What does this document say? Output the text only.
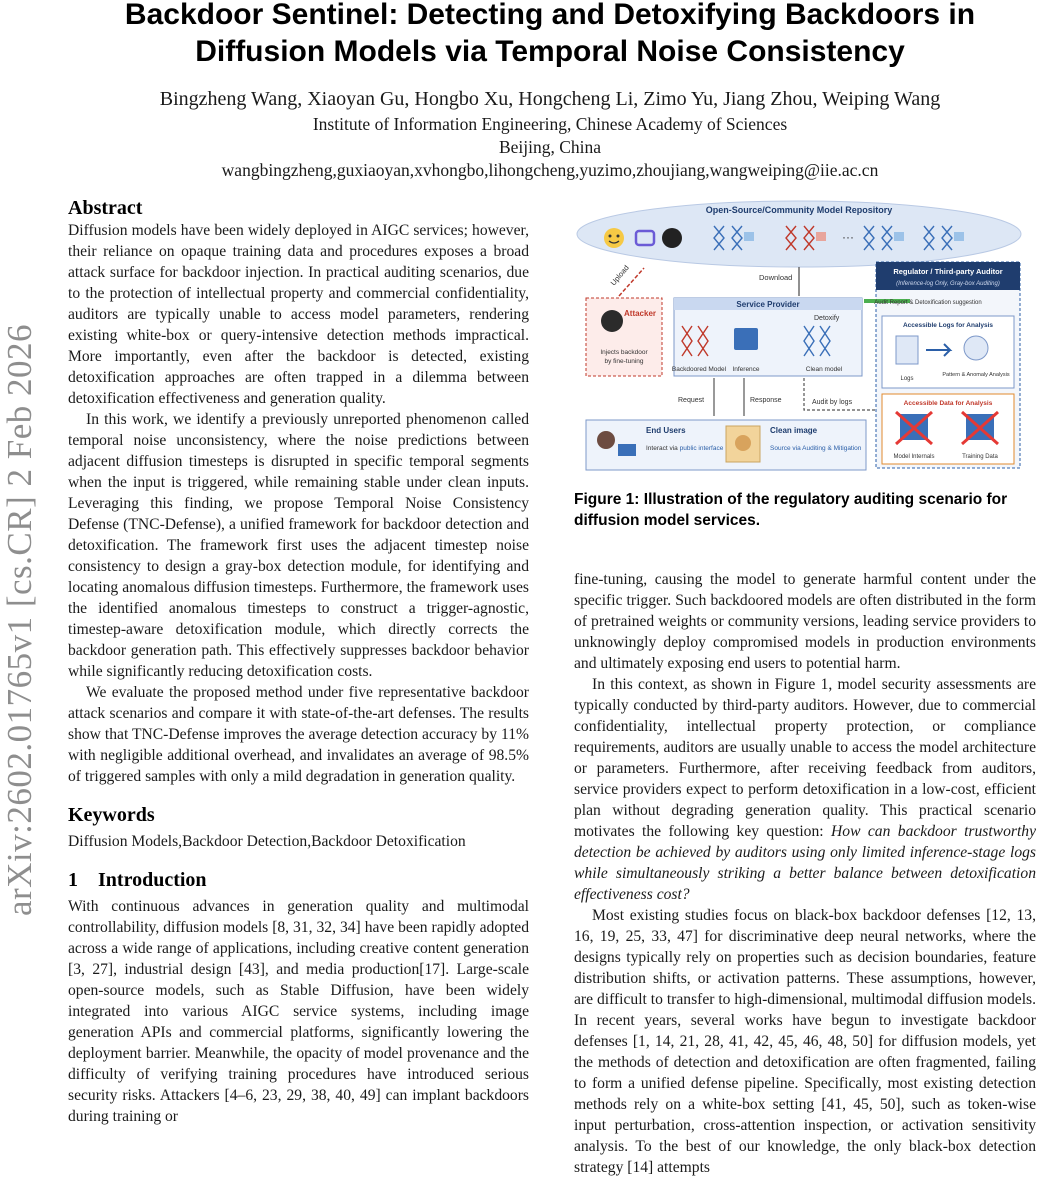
arXiv:2602.01765v1 [cs.CR] 2 Feb 2026
Backdoor Sentinel: Detecting and Detoxifying Backdoors in
Diffusion Models via Temporal Noise Consistency
Bingzheng Wang, Xiaoyan Gu, Hongbo Xu, Hongcheng Li, Zimo Yu, Jiang Zhou, Weiping Wang
Institute of Information Engineering, Chinese Academy of Sciences
Beijing, China
wangbingzheng,guxiaoyan,xvhongbo,lihongcheng,yuzimo,zhoujiang,wangweiping@iie.ac.cn
Abstract

Diffusion models have been widely deployed in AIGC services; however, their reliance on opaque training data and procedures exposes a broad attack surface for backdoor injection. In practical auditing scenarios, due to the protection of intellectual property and commercial confidentiality, auditors are typically unable to access model parameters, rendering existing white-box or query-intensive detection methods impractical. More importantly, even after the backdoor is detected, existing detoxification approaches are often trapped in a dilemma between detoxification effectiveness and generation quality.

In this work, we identify a previously unreported phenomenon called temporal noise unconsistency, where the noise predictions between adjacent diffusion timesteps is disrupted in specific temporal segments when the input is triggered, while remaining stable under clean inputs. Leveraging this finding, we propose Temporal Noise Consistency Defense (TNC-Defense), a unified framework for backdoor detection and detoxification. The framework first uses the adjacent timestep noise consistency to design a gray-box detection module, for identifying and locating anomalous diffusion timesteps. Furthermore, the framework uses the identified anomalous timesteps to construct a trigger-agnostic, timestep-aware detoxification module, which directly corrects the backdoor generation path. This effectively suppresses backdoor behavior while significantly reducing detoxification costs.

We evaluate the proposed method under five representative backdoor attack scenarios and compare it with state-of-the-art defenses. The results show that TNC-Defense improves the average detection accuracy by 11% with negligible additional overhead, and invalidates an average of 98.5% of triggered samples with only a mild degradation in generation quality.

Keywords

Diffusion Models,Backdoor Detection,Backdoor Detoxification

1 Introduction

With continuous advances in generation quality and multimodal controllability, diffusion models [8, 31, 32, 34] have been rapidly adopted across a wide range of applications, including creative content generation [3, 27], industrial design [43], and media production[17]. Large-scale open-source models, such as Stable Diffusion, have been widely integrated into various AIGC service systems, including image generation APIs and commercial platforms, significantly lowering the deployment barrier. Meanwhile, the opacity of model provenance and the difficulty of verifying training procedures have introduced serious security risks. Attackers [4–6, 23, 29, 38, 40, 49] can implant backdoors during training or

Open-Source/Community Model Repository
···
Upload	Download
Attacker
Injects backdoor by fine-tuning
Service Provider
Detoxify
Backdoored Model Inference	Clean model
Regulator / Third-party Auditor
(Inference-log Only, Gray-box Auditing)
Audit Report & Detoxification suggestion
Accessible Logs for Analysis
Logs
Pattern & Anomaly Analysis
Accessible Data for Analysis
Model Internals	Training Data
Request	Response	Audit by logs
End Users
Interact via public interface
Clean image
Source via Auditing & Mitigation
Figure 1: Illustration of the regulatory auditing scenario for diffusion model services.

fine-tuning, causing the model to generate harmful content under the specific trigger. Such backdoored models are often distributed in the form of pretrained weights or community versions, leading service providers to unknowingly deploy compromised models in production environments and ultimately exposing end users to potential harm.

In this context, as shown in Figure 1, model security assessments are typically conducted by third-party auditors. However, due to commercial confidentiality, intellectual property protection, or compliance requirements, auditors are usually unable to access the model architecture or parameters. Furthermore, after receiving feedback from auditors, service providers expect to perform detoxification in a low-cost, efficient plan without degrading generation quality. This practical scenario motivates the following key question: How can backdoor trustworthy detection be achieved by auditors using only limited inference-stage logs while simultaneously striking a better balance between detoxification effectiveness cost?

Most existing studies focus on black-box backdoor defenses [12, 13, 16, 19, 25, 33, 47] for discriminative deep neural networks, where the designs typically rely on properties such as decision boundaries, feature distribution shifts, or activation patterns. These assumptions, however, are difficult to transfer to high-dimensional, multimodal diffusion models. In recent years, several works have begun to investigate backdoor defenses [1, 14, 21, 28, 41, 42, 45, 46, 48, 50] for diffusion models, yet the methods of detection and detoxification are often fragmented, failing to form a unified defense pipeline. Specifically, most existing detection methods rely on a white-box setting [41, 45, 50], such as token-wise input perturbation, cross-attention inspection, or activation sensitivity analysis. To the best of our knowledge, the only black-box detection strategy [14] attempts
